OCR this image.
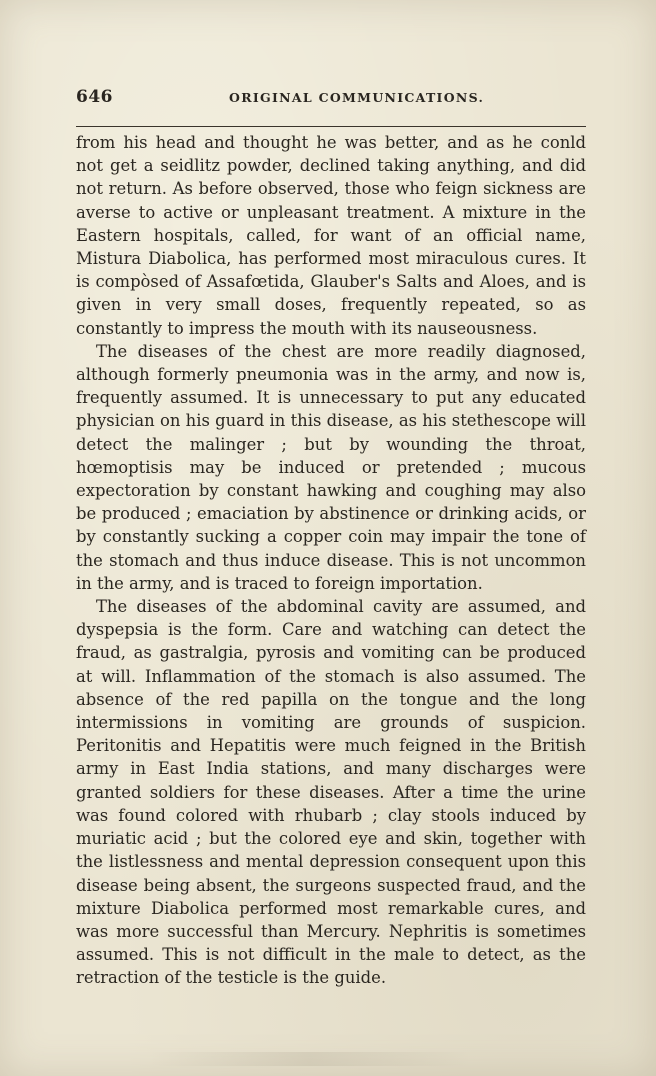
646	ORIGINAL COMMUNICATIONS.

from his head and thought he was better, and as he conld not get a seidlitz powder, declined taking anything, and did not return. As before observed, those who feign sickness are averse to active or unpleasant treatment. A mixture in the Eastern hospitals, called, for want of an official name, Mistura Diabolica, has performed most miraculous cures. It is compòsed of Assafœtida, Glauber's Salts and Aloes, and is given in very small doses, frequently repeated, so as constantly to impress the mouth with its nauseousness.

The diseases of the chest are more readily diagnosed, although formerly pneumonia was in the army, and now is, frequently assumed. It is unnecessary to put any educated physician on his guard in this disease, as his stethescope will detect the malinger ; but by wounding the throat, hœmoptisis may be induced or pretended ; mucous expectoration by constant hawking and coughing may also be produced ; emaciation by abstinence or drinking acids, or by constantly sucking a copper coin may impair the tone of the stomach and thus induce disease. This is not uncommon in the army, and is traced to foreign importation.

The diseases of the abdominal cavity are assumed, and dyspepsia is the form. Care and watching can detect the fraud, as gastralgia, pyrosis and vomiting can be produced at will. Inflammation of the stomach is also assumed. The absence of the red papilla on the tongue and the long intermissions in vomiting are grounds of suspicion. Peritonitis and Hepatitis were much feigned in the British army in East India stations, and many discharges were granted soldiers for these diseases. After a time the urine was found colored with rhubarb ; clay stools induced by muriatic acid ; but the colored eye and skin, together with the listlessness and mental depression consequent upon this disease being absent, the surgeons suspected fraud, and the mixture Diabolica performed most remarkable cures, and was more successful than Mercury. Nephritis is sometimes assumed. This is not difficult in the male to detect, as the retraction of the testicle is the guide.
